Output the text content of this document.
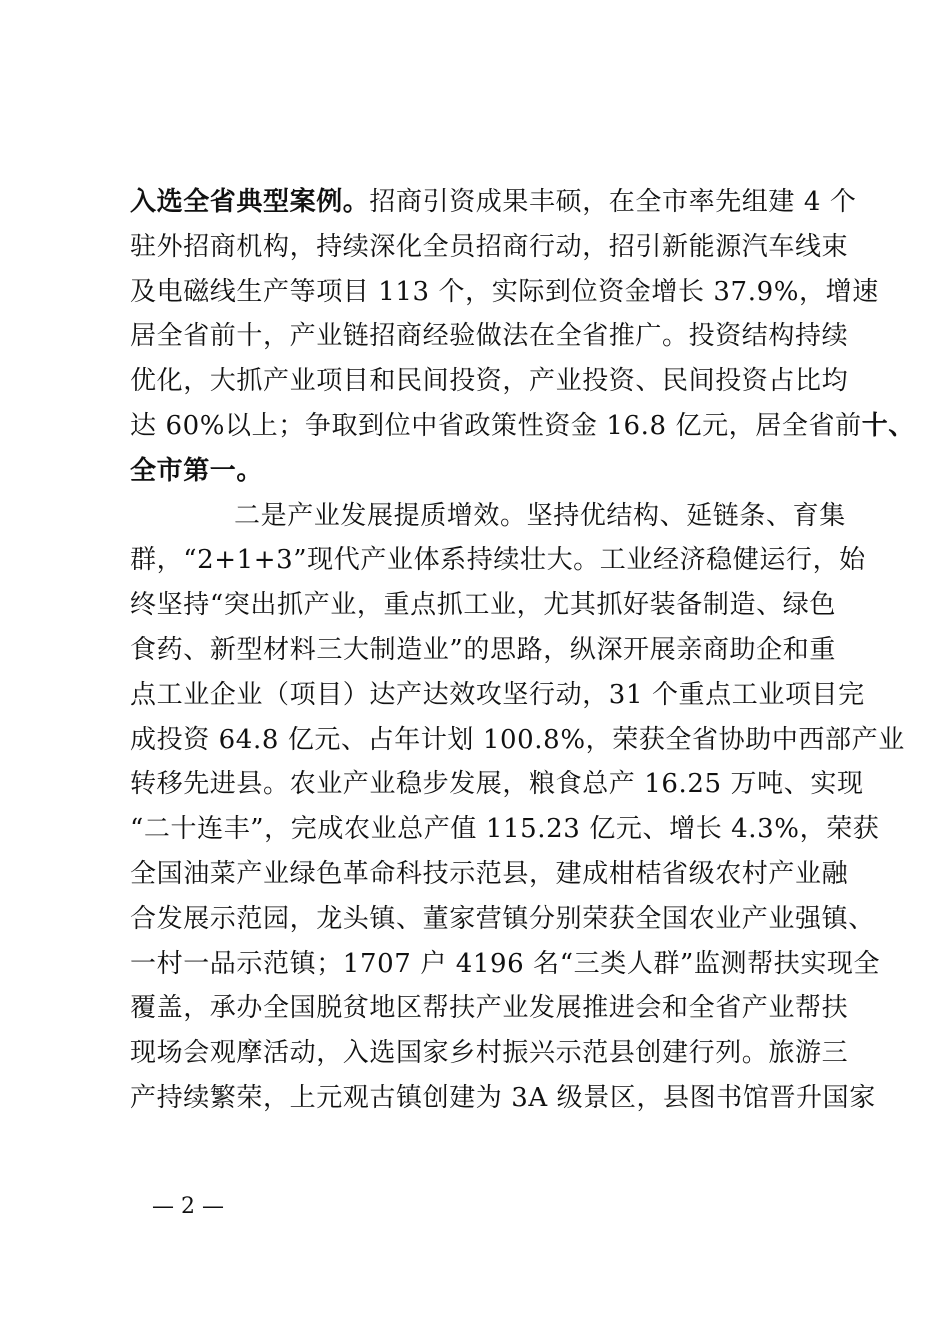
入选全省典型案例。招商引资成果丰硕，在全市率先组建 4 个
驻外招商机构，持续深化全员招商行动，招引新能源汽车线束
及电磁线生产等项目 113 个，实际到位资金增长 37.9%，增速
居全省前十，产业链招商经验做法在全省推广。投资结构持续
优化，大抓产业项目和民间投资，产业投资、民间投资占比均
达 60%以上；争取到位中省政策性资金 16.8 亿元，居全省前十、
全市第一。
二是产业发展提质增效。坚持优结构、延链条、育集
群，“2+1+3”现代产业体系持续壮大。工业经济稳健运行，始
终坚持“突出抓产业，重点抓工业，尤其抓好装备制造、绿色
食药、新型材料三大制造业”的思路，纵深开展亲商助企和重
点工业企业（项目）达产达效攻坚行动，31 个重点工业项目完
成投资 64.8 亿元、占年计划 100.8%，荣获全省协助中西部产业
转移先进县。农业产业稳步发展，粮食总产 16.25 万吨、实现
“二十连丰”，完成农业总产值 115.23 亿元、增长 4.3%，荣获
全国油菜产业绿色革命科技示范县，建成柑桔省级农村产业融
合发展示范园，龙头镇、董家营镇分别荣获全国农业产业强镇、
一村一品示范镇；1707 户 4196 名“三类人群”监测帮扶实现全
覆盖，承办全国脱贫地区帮扶产业发展推进会和全省产业帮扶
现场会观摩活动，入选国家乡村振兴示范县创建行列。旅游三
产持续繁荣，上元观古镇创建为 3A 级景区，县图书馆晋升国家
— 2 —
